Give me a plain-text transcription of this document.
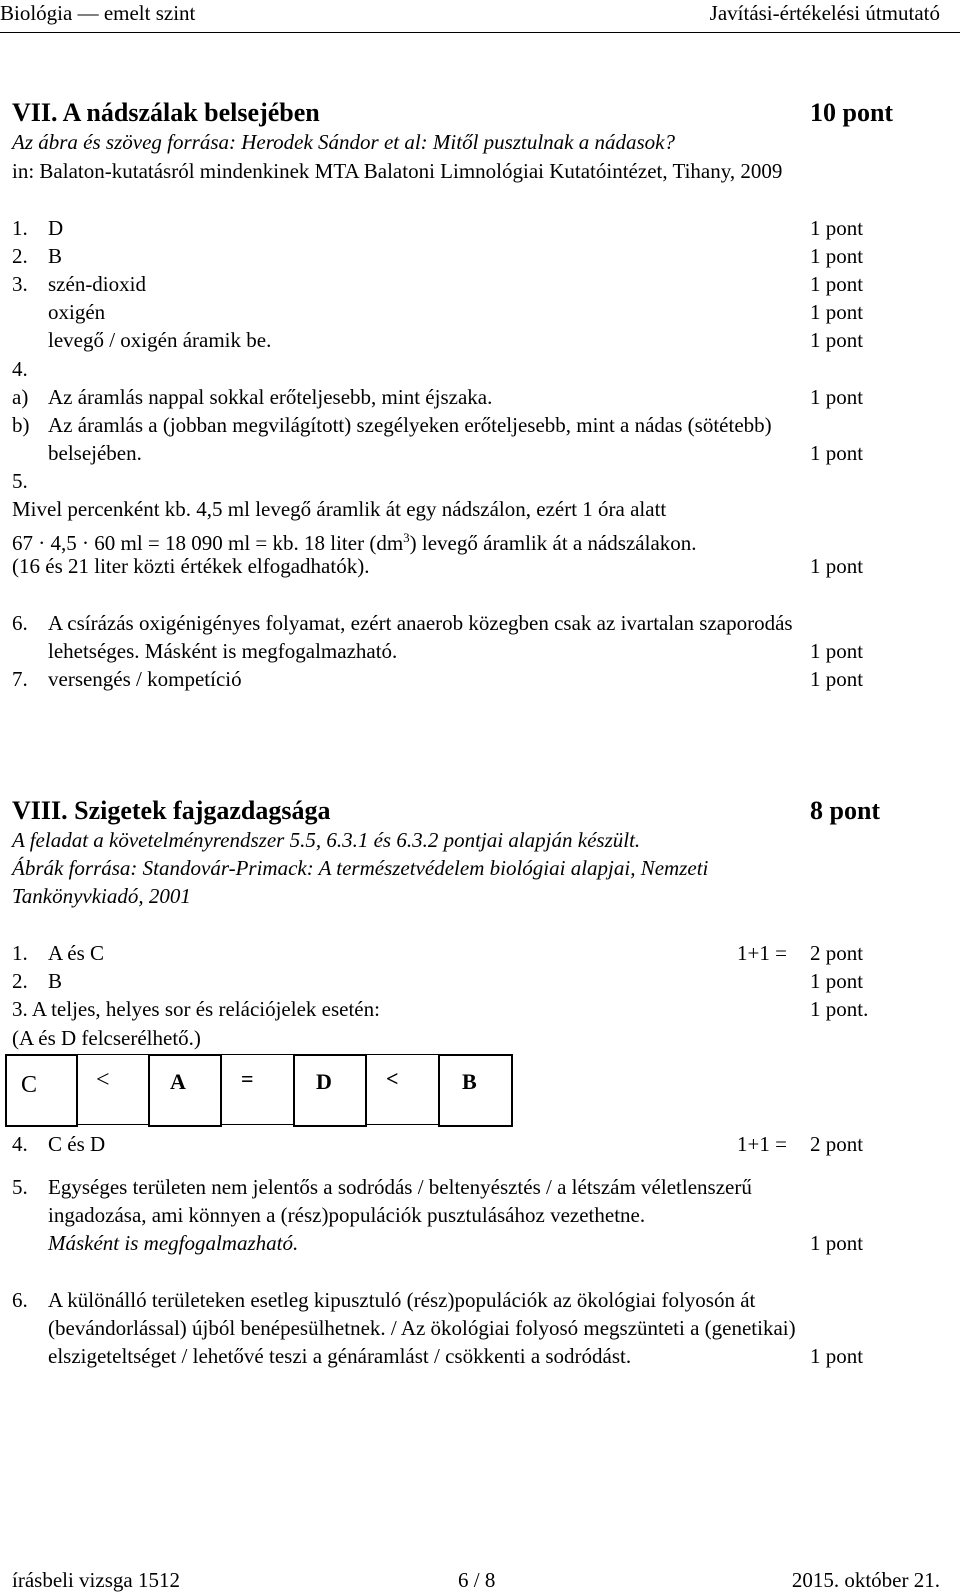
Biológia — emelt szint	Javítási-értékelési útmutató
VII. A nádszálak belsejében	10 pont
Az ábra és szöveg forrása: Herodek Sándor et al: Mitől pusztulnak a nádasok?
in: Balaton-kutatásról mindenkinek MTA Balatoni Limnológiai Kutatóintézet, Tihany, 2009
1. D	1 pont
2. B	1 pont
3. szén-dioxid	1 pont
oxigén	1 pont
levegő / oxigén áramik be.	1 pont
4.
a) Az áramlás nappal sokkal erőteljesebb, mint éjszaka.	1 pont
b) Az áramlás a (jobban megvilágított) szegélyeken erőteljesebb, mint a nádas (sötétebb)
belsejében.	1 pont
5.
Mivel percenként kb. 4,5 ml levegő áramlik át egy nádszálon, ezért 1 óra alatt
67 · 4,5 · 60 ml = 18 090 ml = kb. 18 liter $(dm^3)$ levegő áramlik át a nádszálakon.
(16 és 21 liter közti értékek elfogadhatók).	1 pont
6. A csírázás oxigénigényes folyamat, ezért anaerob közegben csak az ivartalan szaporodás
lehetséges. Másként is megfogalmazható.	1 pont
7. versengés / kompetíció	1 pont
VIII. Szigetek fajgazdagsága	8 pont
A feladat a követelményrendszer 5.5, 6.3.1 és 6.3.2 pontjai alapján készült.
Ábrák forrása: Standovár-Primack: A természetvédelem biológiai alapjai, Nemzeti
Tankönyvkiadó, 2001
1. A és C	1+1 = 2 pont
2. B	1 pont
3. A teljes, helyes sor és relációjelek esetén:	1 pont.
(A és D felcserélhető.)
C <	A	=	D <	B
4. C és D	1+1 = 2 pont
5. Egységes területen nem jelentős a sodródás / beltenyésztés / a létszám véletlenszerű
ingadozása, ami könnyen a (rész)populációk pusztulásához vezethetne.
Másként is megfogalmazható.	1 pont
6. A különálló területeken esetleg kipusztuló (rész)populációk az ökológiai folyosón át
(bevándorlással) újból benépesülhetnek. / Az ökológiai folyosó megszünteti a (genetikai)
elszigeteltséget / lehetővé teszi a génáramlást / csökkenti a sodródást.	1 pont
írásbeli vizsga 1512	6 / 8	2015. október 21.
